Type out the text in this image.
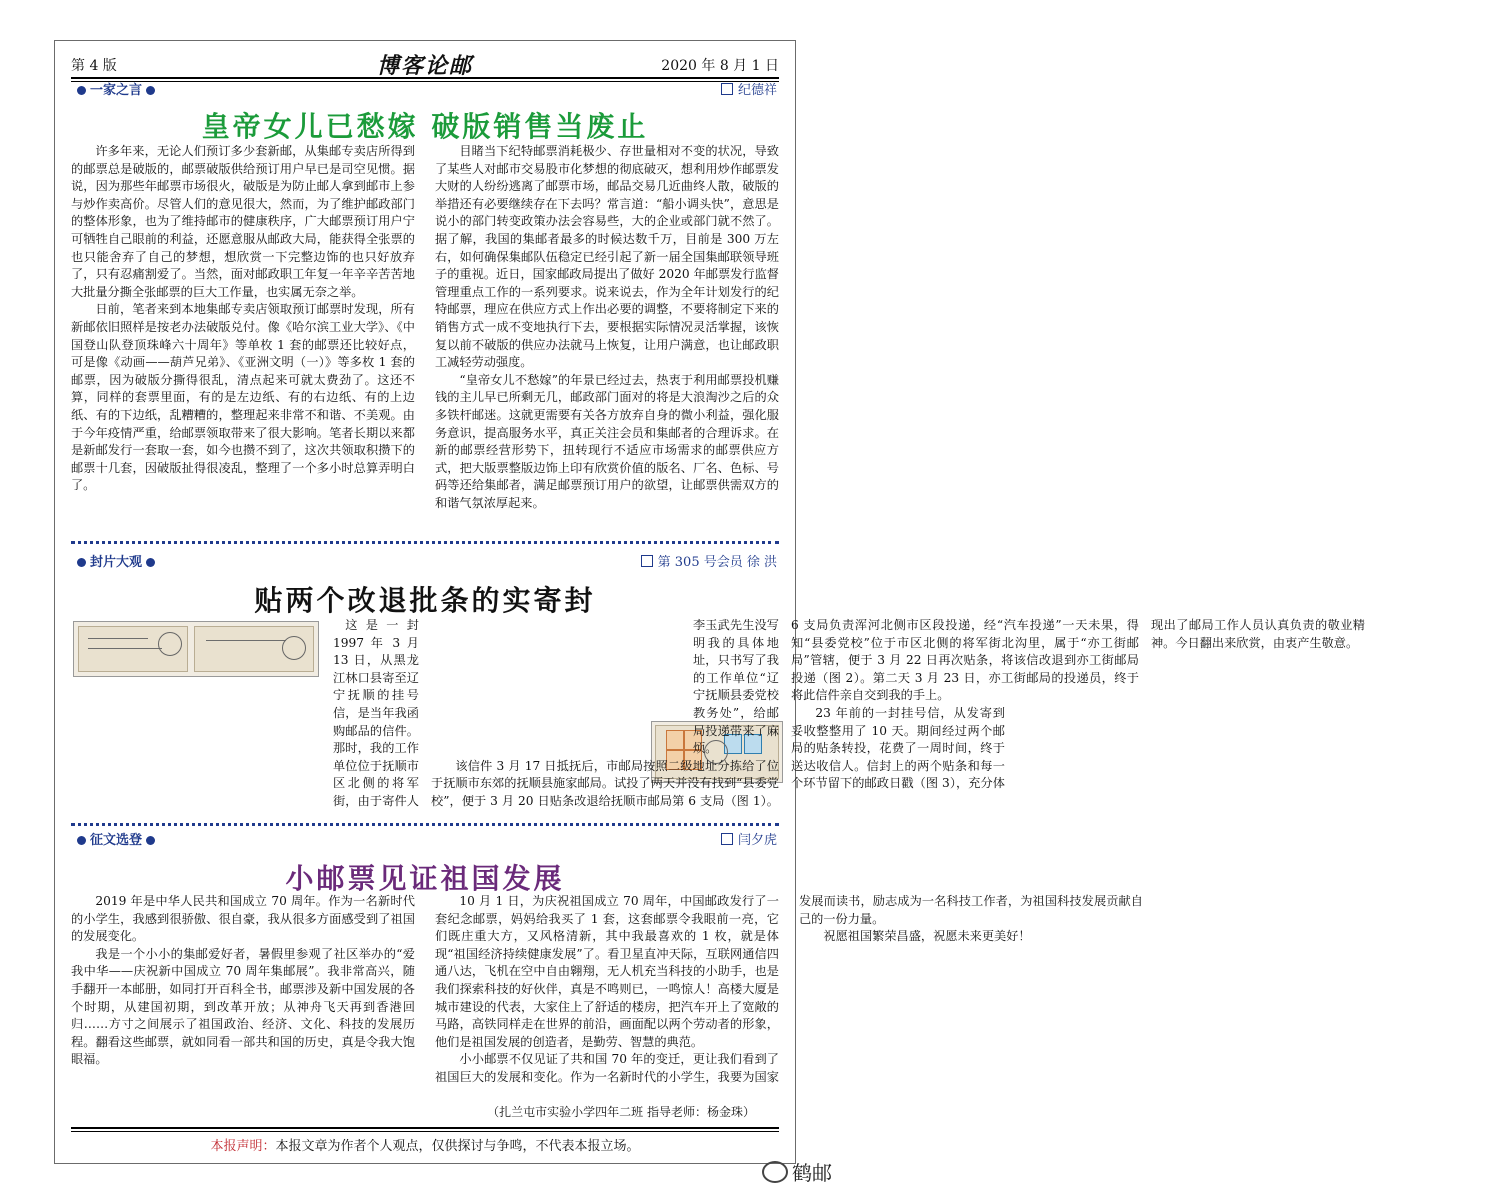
第 4 版	博客论邮	2020 年 8 月 1 日
一家之言	纪德祥
皇帝女儿已愁嫁 破版销售当废止

许多年来，无论人们预订多少套新邮，从集邮专卖店所得到的邮票总是破版的，邮票破版供给预订用户早已是司空见惯。据说，因为那些年邮票市场很火，破版是为防止邮人拿到邮市上参与炒作卖高价。尽管人们的意见很大，然而，为了维护邮政部门的整体形象，也为了维持邮市的健康秩序，广大邮票预订用户宁可牺牲自己眼前的利益，还愿意服从邮政大局，能获得全张票的也只能舍弃了自己的梦想，想欣赏一下完整边饰的也只好放弃了，只有忍痛割爱了。当然，面对邮政职工年复一年辛辛苦苦地大批量分撕全张邮票的巨大工作量，也实属无奈之举。

日前，笔者来到本地集邮专卖店领取预订邮票时发现，所有新邮依旧照样是按老办法破版兑付。像《哈尔滨工业大学》、《中国登山队登顶珠峰六十周年》等单枚 1 套的邮票还比较好点，可是像《动画——葫芦兄弟》、《亚洲文明（一）》等多枚 1 套的邮票，因为破版分撕得很乱，清点起来可就太费劲了。这还不算，同样的套票里面，有的是左边纸、有的右边纸、有的上边纸、有的下边纸，乱糟糟的，整理起来非常不和谐、不美观。由于今年疫情严重，给邮票领取带来了很大影响。笔者长期以来都是新邮发行一套取一套，如今也攒不到了，这次共领取积攒下的邮票十几套，因破版扯得很凌乱，整理了一个多小时总算弄明白了。

目睹当下纪特邮票消耗极少、存世量相对不变的状况，导致了某些人对邮市交易股市化梦想的彻底破灭，想利用炒作邮票发大财的人纷纷逃离了邮票市场，邮品交易几近曲终人散，破版的举措还有必要继续存在下去吗？常言道：“船小调头快”，意思是说小的部门转变政策办法会容易些，大的企业或部门就不然了。据了解，我国的集邮者最多的时候达数千万，目前是 300 万左右，如何确保集邮队伍稳定已经引起了新一届全国集邮联领导班子的重视。近日，国家邮政局提出了做好 2020 年邮票发行监督管理重点工作的一系列要求。说来说去，作为全年计划发行的纪特邮票，理应在供应方式上作出必要的调整，不要将制定下来的销售方式一成不变地执行下去，要根据实际情况灵活掌握，该恢复以前不破版的供应办法就马上恢复，让用户满意，也让邮政职工减轻劳动强度。

“皇帝女儿不愁嫁”的年景已经过去，热衷于利用邮票投机赚钱的主儿早已所剩无几，邮政部门面对的将是大浪淘沙之后的众多铁杆邮迷。这就更需要有关各方放弃自身的微小利益，强化服务意识，提高服务水平，真正关注会员和集邮者的合理诉求。在新的邮票经营形势下，扭转现行不适应市场需求的邮票供应方式，把大版票整版边饰上印有欣赏价值的版名、厂名、色标、号码等还给集邮者，满足邮票预订用户的欲望，让邮票供需双方的和谐气氛浓厚起来。

封片大观	第 305 号会员 徐 洪
贴两个改退批条的实寄封

这是一封 1997 年 3 月 13 日，从黑龙江林口县寄至辽宁抚顺的挂号信，是当年我函购邮品的信件。那时，我的工作单位位于抚顺市区北侧的将军街，由于寄件人李玉武先生没写明我的具体地址，只书写了我的工作单位“辽宁抚顺县委党校教务处”，给邮局投递带来了麻烦。

该信件 3 月 17 日抵抚后，市邮局按照二级地址分拣给了位于抚顺市东郊的抚顺县施家邮局。试投了两天并没有找到“县委党校”，便于 3 月 20 日贴条改退给抚顺市邮局第 6 支局（图 1）。6 支局负责浑河北侧市区段投递，经“汽车投递”一天未果，得知“县委党校”位于市区北侧的将军街北沟里，属于“亦工街邮局”管辖，便于 3 月 22 日再次贴条，将该信改退到亦工街邮局投递（图 2）。第二天 3 月 23 日，亦工街邮局的投递员，终于将此信件亲自交到我的手上。

23 年前的一封挂号信，从发寄到妥收整整用了 10 天。期间经过两个邮局的贴条转投，花费了一周时间，终于送达收信人。信封上的两个贴条和每一个环节留下的邮政日戳（图 3），充分体现出了邮局工作人员认真负责的敬业精神。今日翻出来欣赏，由衷产生敬意。

征文选登	闫夕虎
小邮票见证祖国发展

2019 年是中华人民共和国成立 70 周年。作为一名新时代的小学生，我感到很骄傲、很自豪，我从很多方面感受到了祖国的发展变化。

我是一个小小的集邮爱好者，暑假里参观了社区举办的“爱我中华——庆祝新中国成立 70 周年集邮展”。我非常高兴，随手翻开一本邮册，如同打开百科全书，邮票涉及新中国发展的各个时期，从建国初期，到改革开放；从神舟飞天再到香港回归……方寸之间展示了祖国政治、经济、文化、科技的发展历程。翻看这些邮票，就如同看一部共和国的历史，真是令我大饱眼福。

10 月 1 日，为庆祝祖国成立 70 周年，中国邮政发行了一套纪念邮票，妈妈给我买了 1 套，这套邮票令我眼前一亮，它们既庄重大方，又风格清新，其中我最喜欢的 1 枚，就是体现“祖国经济持续健康发展”了。看卫星直冲天际，互联网通信四通八达，飞机在空中自由翱翔，无人机充当科技的小助手，也是我们探索科技的好伙伴，真是不鸣则已，一鸣惊人！高楼大厦是城市建设的代表，大家住上了舒适的楼房，把汽车开上了宽敞的马路，高铁同样走在世界的前沿，画面配以两个劳动者的形象，他们是祖国发展的创造者，是勤劳、智慧的典范。

小小邮票不仅见证了共和国 70 年的变迁，更让我们看到了祖国巨大的发展和变化。作为一名新时代的小学生，我要为国家发展而读书，励志成为一名科技工作者，为祖国科技发展贡献自己的一份力量。

祝愿祖国繁荣昌盛，祝愿未来更美好！

（扎兰屯市实验小学四年二班 指导老师：杨金珠）
本报声明：本报文章为作者个人观点，仅供探讨与争鸣，不代表本报立场。
鹤邮
